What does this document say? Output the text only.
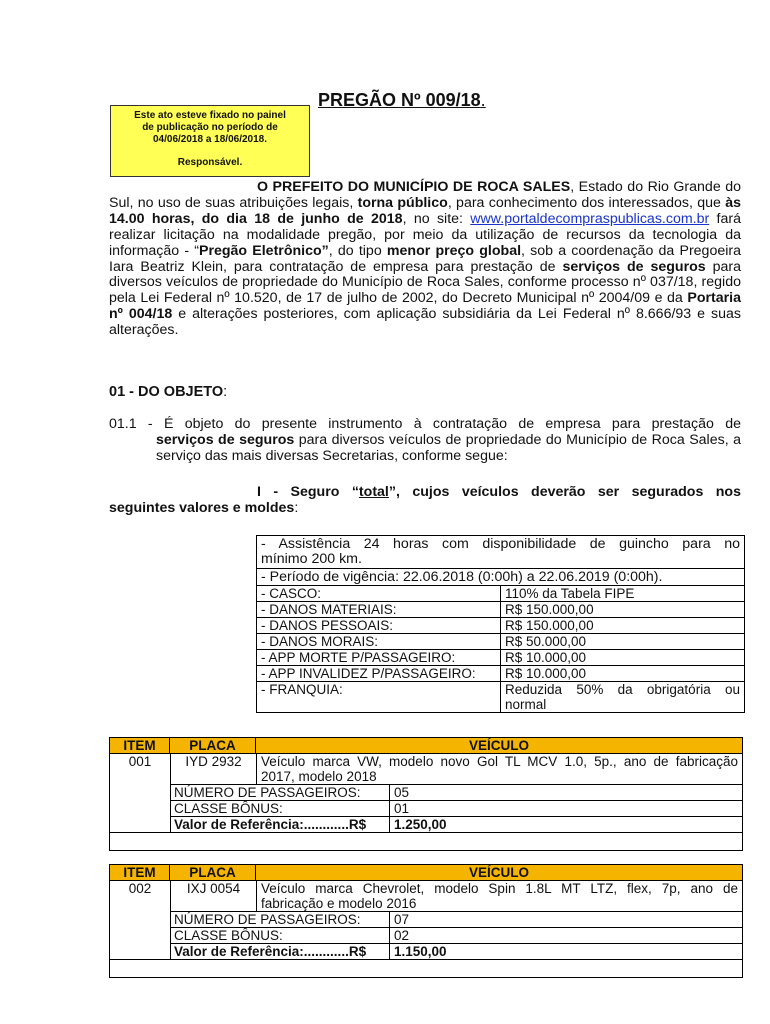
Este ato esteve fixado no painel
de publicação no período de
04/06/2018 a 18/06/2018.
Responsável.
PREGÃO Nº 009/18.
O PREFEITO DO MUNICÍPIO DE ROCA SALES, Estado do Rio Grande do Sul, no uso de suas atribuições legais, torna público, para conhecimento dos interessados, que às 14.00 horas, do dia 18 de junho de 2018, no site: www.portaldecompraspublicas.com.br fará realizar licitação na modalidade pregão, por meio da utilização de recursos da tecnologia da informação - “Pregão Eletrônico”, do tipo menor preço global, sob a coordenação da Pregoeira Iara Beatriz Klein, para contratação de empresa para prestação de serviços de seguros para diversos veículos de propriedade do Município de Roca Sales, conforme processo nº 037/18, regido pela Lei Federal nº 10.520, de 17 de julho de 2002, do Decreto Municipal nº 2004/09 e da Portaria nº 004/18 e alterações posteriores, com aplicação subsidiária da Lei Federal nº 8.666/93 e suas alterações.
01 - DO OBJETO:
01.1 - É objeto do presente instrumento à contratação de empresa para prestação de
serviços de seguros para diversos veículos de propriedade do Município de Roca Sales, a serviço das mais diversas Secretarias, conforme segue:
I - Seguro “total”, cujos veículos deverão ser segurados nos
seguintes valores e moldes:
- Assistência 24 horas com disponibilidade de guincho para no
mínimo 200 km.
- Período de vigência: 22.06.2018 (0:00h) a 22.06.2019 (0:00h).
- CASCO:	110% da Tabela FIPE
- DANOS MATERIAIS:	R$ 150.000,00
- DANOS PESSOAIS:	R$ 150.000,00
- DANOS MORAIS:	R$ 50.000,00
- APP MORTE P/PASSAGEIRO:	R$ 10.000,00
- APP INVALIDEZ P/PASSAGEIRO:	R$ 10.000,00
- FRANQUIA:	Reduzida 50% da obrigatória ou normal
ITEM	PLACA	VEÍCULO
001	IYD 2932	Veículo marca VW, modelo novo Gol TL MCV 1.0, 5p., ano de fabricação
2017, modelo 2018
NÚMERO DE PASSAGEIROS:	05
CLASSE BÔNUS:	01
Valor de Referência:............R$	1.250,00
ITEM	PLACA	VEÍCULO
002	IXJ 0054	Veículo marca Chevrolet, modelo Spin 1.8L MT LTZ, flex, 7p, ano de
fabricação e modelo 2016
NÚMERO DE PASSAGEIROS:	07
CLASSE BÔNUS:	02
Valor de Referência:............R$	1.150,00
